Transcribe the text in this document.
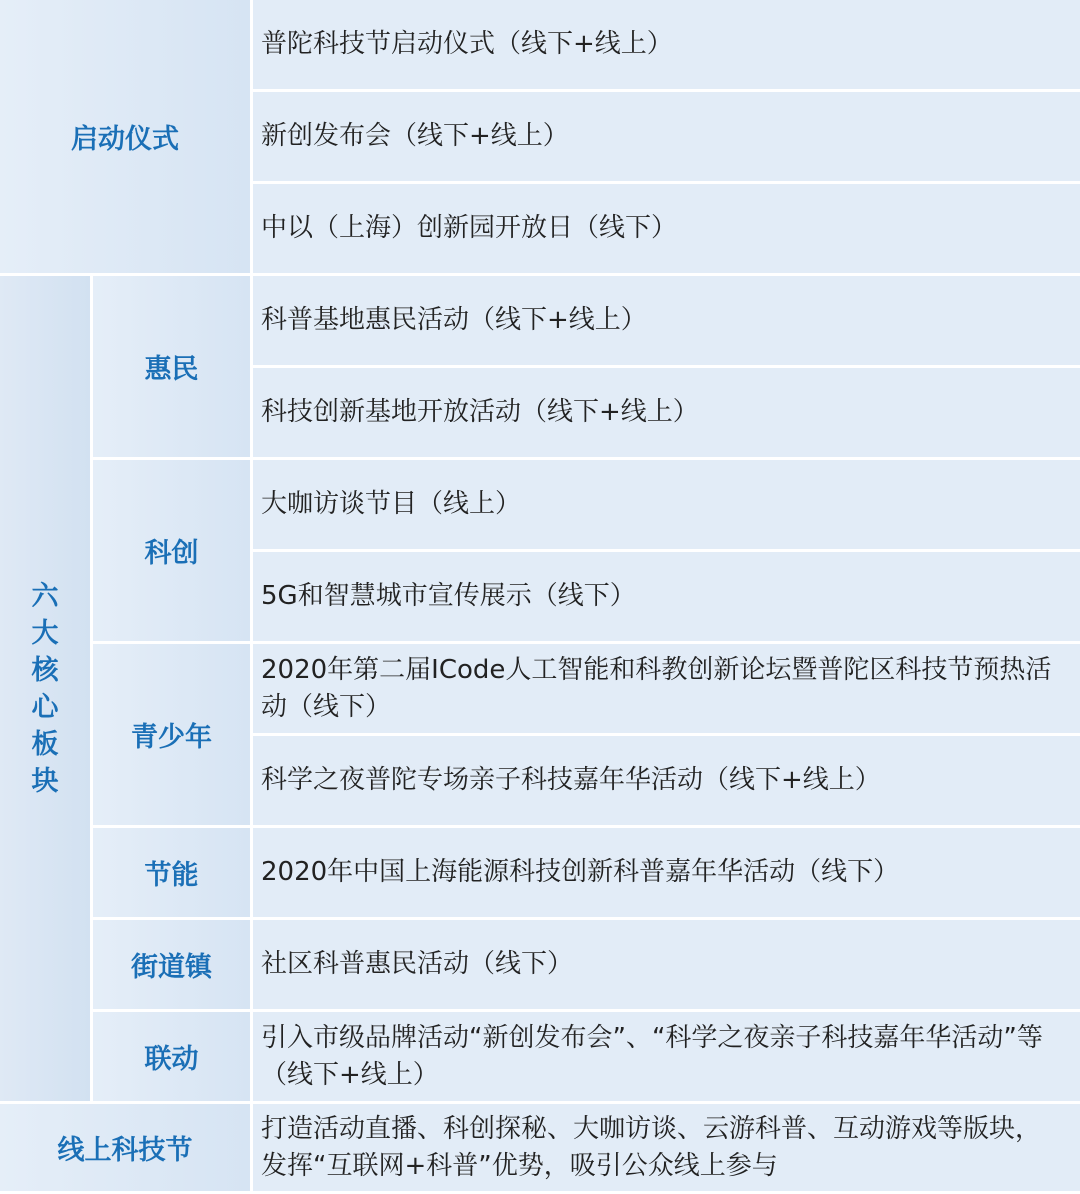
启动仪式
普陀科技节启动仪式（线下+线上）
新创发布会（线下+线上）
中以（上海）创新园开放日（线下）
六大核心板块
惠民
科普基地惠民活动（线下+线上）
科技创新基地开放活动（线下+线上）
科创
大咖访谈节目（线上）
5G和智慧城市宣传展示（线下）
青少年
2020年第二届ICode人工智能和科教创新论坛暨普陀区科技节预热活动（线下）
科学之夜普陀专场亲子科技嘉年华活动（线下+线上）
节能	2020年中国上海能源科技创新科普嘉年华活动（线下）
街道镇	社区科普惠民活动（线下）
联动
引入市级品牌活动“新创发布会”、“科学之夜亲子科技嘉年华活动”等（线下+线上）
线上科技节
打造活动直播、科创探秘、大咖访谈、云游科普、互动游戏等版块，发挥“互联网+科普”优势，吸引公众线上参与
